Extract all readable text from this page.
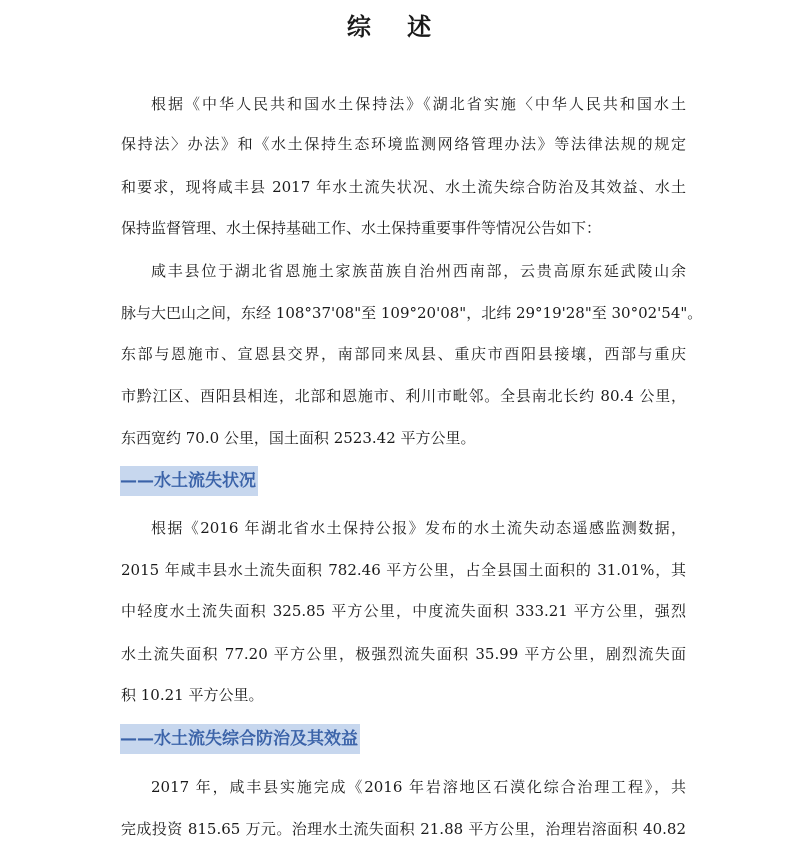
综 述
根据《中华人民共和国水土保持法》《湖北省实施〈中华人民共和国水土
保持法〉办法》和《水土保持生态环境监测网络管理办法》等法律法规的规定
和要求，现将咸丰县 2017 年水土流失状况、水土流失综合防治及其效益、水土
保持监督管理、水土保持基础工作、水土保持重要事件等情况公告如下：
咸丰县位于湖北省恩施土家族苗族自治州西南部，云贵高原东延武陵山余
脉与大巴山之间，东经 108°37'08"至 109°20'08"，北纬 29°19'28"至 30°02'54"。
东部与恩施市、宣恩县交界，南部同来凤县、重庆市酉阳县接壤，西部与重庆
市黔江区、酉阳县相连，北部和恩施市、利川市毗邻。全县南北长约 80.4 公里，
东西宽约 70.0 公里，国土面积 2523.42 平方公里。
——水土流失状况
根据《2016 年湖北省水土保持公报》发布的水土流失动态遥感监测数据，
2015 年咸丰县水土流失面积 782.46 平方公里，占全县国土面积的 31.01%，其
中轻度水土流失面积 325.85 平方公里，中度流失面积 333.21 平方公里，强烈
水土流失面积 77.20 平方公里，极强烈流失面积 35.99 平方公里，剧烈流失面
积 10.21 平方公里。
——水土流失综合防治及其效益
2017 年，咸丰县实施完成《2016 年岩溶地区石漠化综合治理工程》，共
完成投资 815.65 万元。治理水土流失面积 21.88 平方公里，治理岩溶面积 40.82
